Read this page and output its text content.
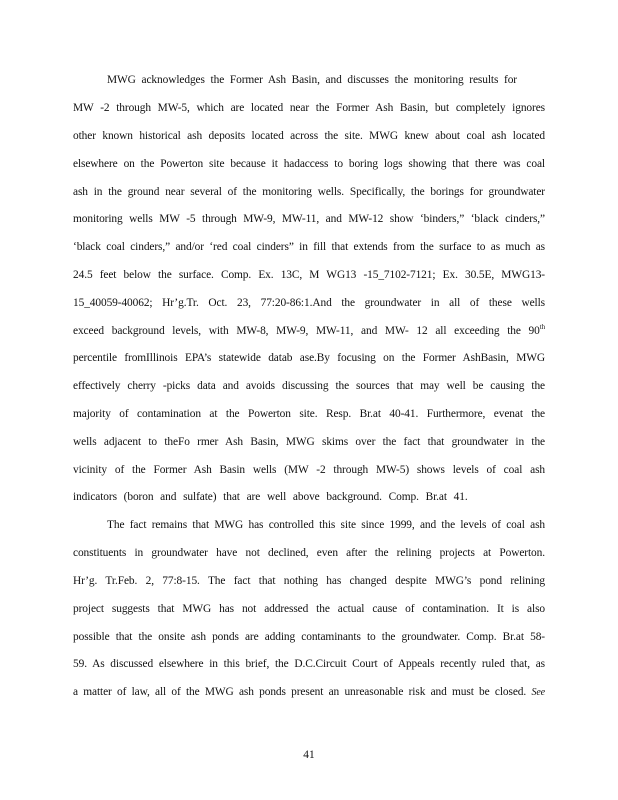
MWG acknowledges the Former Ash Basin, and discusses the monitoring results for
MW -2 through MW-5, which are located near the Former Ash Basin, but completely ignores
other known historical ash deposits located across the site. MWG knew about coal ash located
elsewhere on the Powerton site because it hadaccess to boring logs showing that there was coal
ash in the ground near several of the monitoring wells. Specifically, the borings for groundwater
monitoring wells MW -5 through MW-9, MW-11, and MW-12 show ‘binders,” ‘black cinders,”
‘black coal cinders,” and/or ‘red coal cinders” in fill that extends from the surface to as much as
24.5 feet below the surface. Comp. Ex. 13C, M WG13 -15_7102-7121; Ex. 30.5E, MWG13-
15_40059-40062; Hr’g.Tr. Oct. 23, 77:20-86:1.And the groundwater in all of these wells
exceed background levels, with MW-8, MW-9, MW-11, and MW- 12 all exceeding the 90th
percentile fromIllinois EPA’s statewide datab ase.By focusing on the Former AshBasin, MWG
effectively cherry -picks data and avoids discussing the sources that may well be causing the
majority of contamination at the Powerton site. Resp. Br.at 40-41. Furthermore, evenat the
wells adjacent to theFo rmer Ash Basin, MWG skims over the fact that groundwater in the
vicinity of the Former Ash Basin wells (MW -2 through MW-5) shows levels of coal ash
indicators (boron and sulfate) that are well above background. Comp. Br.at 41.
The fact remains that MWG has controlled this site since 1999, and the levels of coal ash
constituents in groundwater have not declined, even after the relining projects at Powerton.
Hr’g. Tr.Feb. 2, 77:8-15. The fact that nothing has changed despite MWG’s pond relining
project suggests that MWG has not addressed the actual cause of contamination. It is also
possible that the onsite ash ponds are adding contaminants to the groundwater. Comp. Br.at 58-
59. As discussed elsewhere in this brief, the D.C.Circuit Court of Appeals recently ruled that, as
a matter of law, all of the MWG ash ponds present an unreasonable risk and must be closed. See
41
